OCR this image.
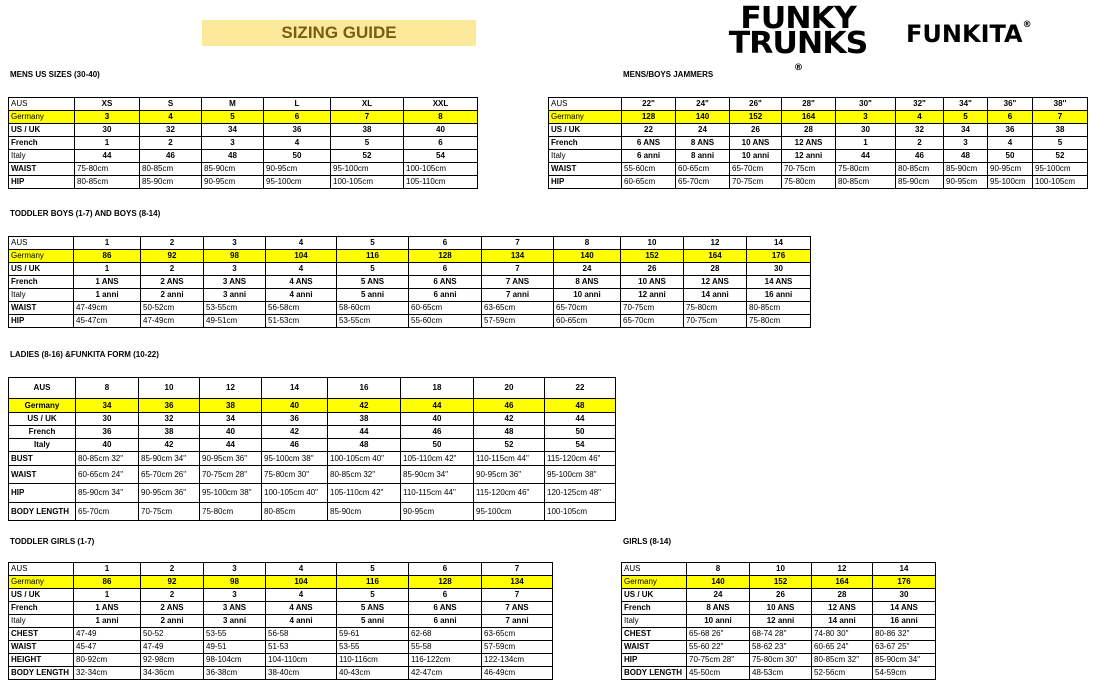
SIZING GUIDE	FUNKY
TRUNKS
®
FUNKITA®
MENS US SIZES (30-40)	MENS/BOYS JAMMERS
TODDLER BOYS (1-7) AND BOYS (8-14)
LADIES (8-16) &FUNKITA FORM (10-22)
TODDLER GIRLS (1-7)	GIRLS (8-14)
AUS	XS	S	M	L	XL	XXL
Germany	3	4	5	6	7	8
US / UK	30	32	34	36	38	40
French	1	2	3	4	5	6
Italy	44	46	48	50	52	54
WAIST	75-80cm	80-85cm	85-90cm	90-95cm	95-100cm	100-105cm
HIP	80-85cm	85-90cm	90-95cm	95-100cm	100-105cm	105-110cm
AUS	22"	24"	26"	28"	30"	32"	34"	36"	38''
Germany	128	140	152	164	3	4	5	6	7
US / UK	22	24	26	28	30	32	34	36	38
French	6 ANS	8 ANS	10 ANS	12 ANS	1	2	3	4	5
Italy	6 anni	8 anni	10 anni	12 anni	44	46	48	50	52
WAIST	55-60cm	60-65cm	65-70cm	70-75cm	75-80cm	80-85cm	85-90cm	90-95cm	95-100cm
HIP	60-65cm	65-70cm	70-75cm	75-80cm	80-85cm	85-90cm	90-95cm	95-100cm	100-105cm
AUS	1	2	3	4	5	6	7	8	10	12	14
Germany	86	92	98	104	116	128	134	140	152	164	176
US / UK	1	2	3	4	5	6	7	24	26	28	30
French	1 ANS	2 ANS	3 ANS	4 ANS	5 ANS	6 ANS	7 ANS	8 ANS	10 ANS	12 ANS	14 ANS
Italy	1 anni	2 anni	3 anni	4 anni	5 anni	6 anni	7 anni	10 anni	12 anni	14 anni	16 anni
WAIST	47-49cm	50-52cm	53-55cm	56-58cm	58-60cm	60-65cm	63-65cm	65-70cm	70-75cm	75-80cm	80-85cm
HIP	45-47cm	47-49cm	49-51cm	51-53cm	53-55cm	55-60cm	57-59cm	60-65cm	65-70cm	70-75cm	75-80cm
AUS	8	10	12	14	16	18	20	22
Germany	34	36	38	40	42	44	46	48
US / UK	30	32	34	36	38	40	42	44
French	36	38	40	42	44	46	48	50
Italy	40	42	44	46	48	50	52	54
BUST	80-85cm 32"	85-90cm 34"	90-95cm 36"	95-100cm 38"	100-105cm 40"	105-110cm 42"	110-115cm 44"	115-120cm 46"
WAIST	60-65cm 24"	65-70cm 26"	70-75cm 28"	75-80cm 30"	80-85cm 32"	85-90cm 34"	90-95cm 36"	95-100cm 38"
HIP	85-90cm 34"	90-95cm 36"	95-100cm 38"	100-105cm 40"	105-110cm 42"	110-115cm 44"	115-120cm 46"	120-125cm 48"
BODY LENGTH	65-70cm	70-75cm	75-80cm	80-85cm	85-90cm	90-95cm	95-100cm	100-105cm
AUS	1	2	3	4	5	6	7
Germany	86	92	98	104	116	128	134
US / UK	1	2	3	4	5	6	7
French	1 ANS	2 ANS	3 ANS	4 ANS	5 ANS	6 ANS	7 ANS
Italy	1 anni	2 anni	3 anni	4 anni	5 anni	6 anni	7 anni
CHEST	47-49	50-52	53-55	56-58	59-61	62-68	63-65cm
WAIST	45-47	47-49	49-51	51-53	53-55	55-58	57-59cm
HEIGHT	80-92cm	92-98cm	98-104cm	104-110cm	110-116cm	116-122cm	122-134cm
BODY LENGTH	32-34cm	34-36cm	36-38cm	38-40cm	40-43cm	42-47cm	46-49cm
AUS	8	10	12	14
Germany	140	152	164	176
US / UK	24	26	28	30
French	8 ANS	10 ANS	12 ANS	14 ANS
Italy	10 anni	12 anni	14 anni	16 anni
CHEST	65-68 26"	68-74 28"	74-80 30"	80-86 32"
WAIST	55-60 22"	58-62 23"	60-65 24"	63-67 25"
HIP	70-75cm 28"	75-80cm 30"	80-85cm 32"	85-90cm 34"
BODY LENGTH	45-50cm	48-53cm	52-56cm	54-59cm
